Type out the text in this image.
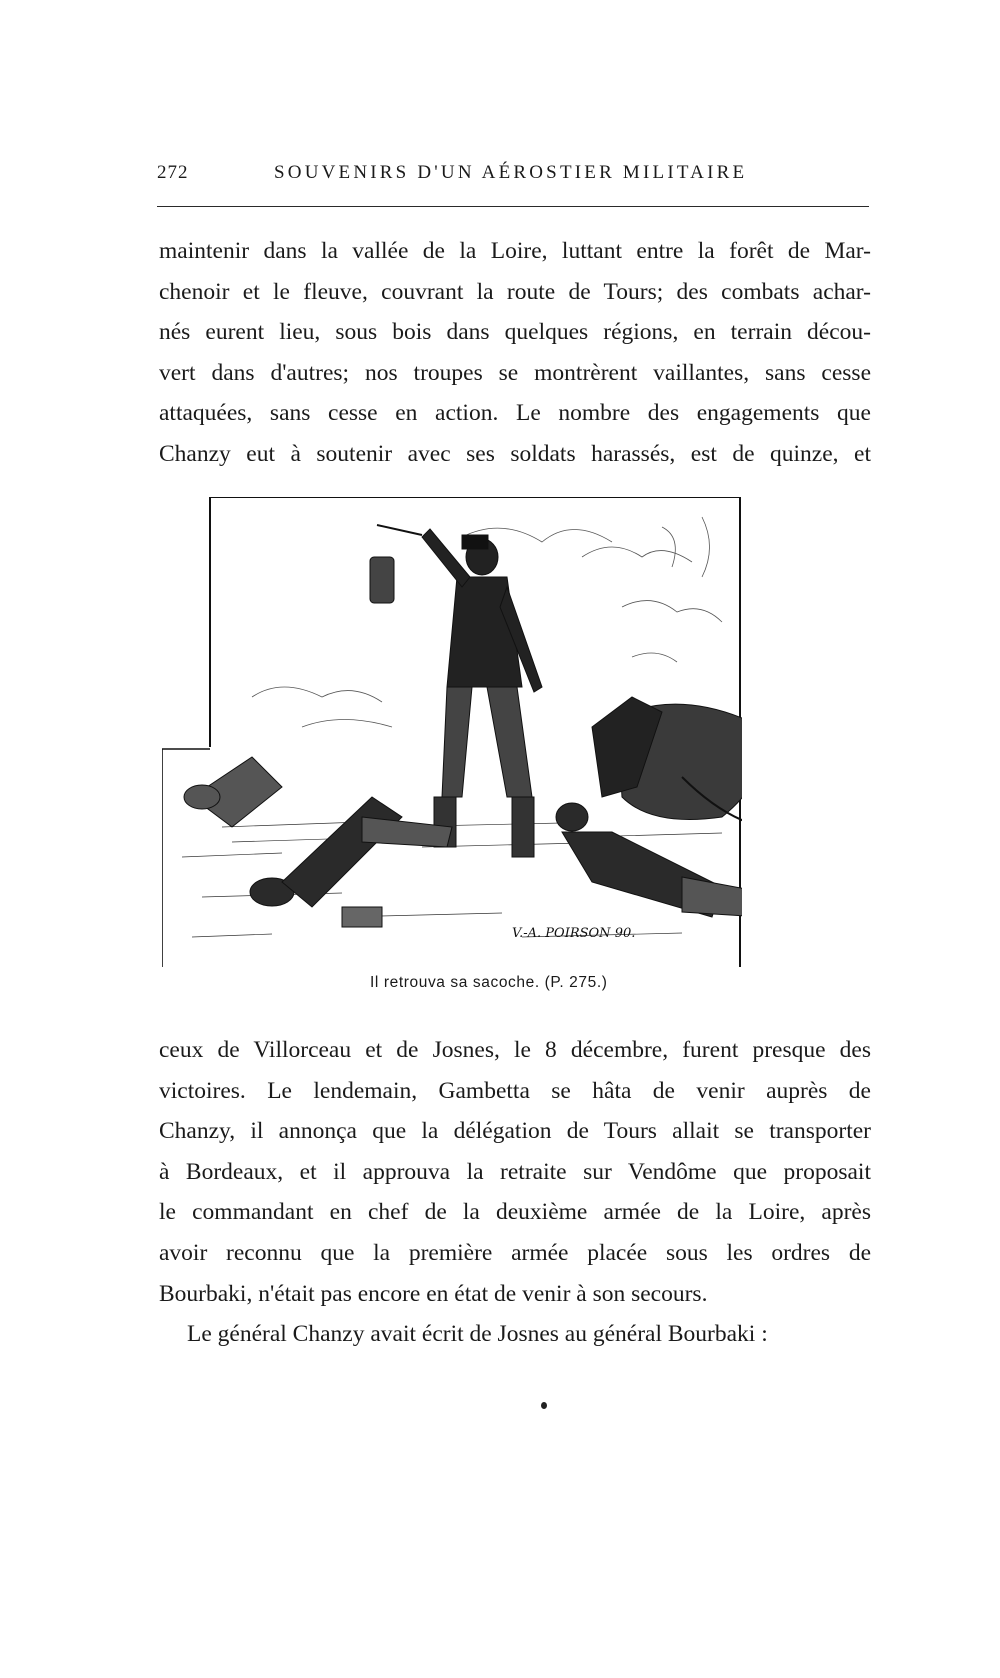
272	SOUVENIRS D'UN AÉROSTIER MILITAIRE
maintenir dans la vallée de la Loire, luttant entre la forêt de Mar-
chenoir et le fleuve, couvrant la route de Tours; des combats achar-
nés eurent lieu, sous bois dans quelques régions, en terrain décou-
vert dans d'autres; nos troupes se montrèrent vaillantes, sans cesse
attaquées, sans cesse en action. Le nombre des engagements que
Chanzy eut à soutenir avec ses soldats harassés, est de quinze, et
V.-A. POIRSON 90.
Il retrouva sa sacoche. (P. 275.)
ceux de Villorceau et de Josnes, le 8 décembre, furent presque des
victoires. Le lendemain, Gambetta se hâta de venir auprès de
Chanzy, il annonça que la délégation de Tours allait se transporter
à Bordeaux, et il approuva la retraite sur Vendôme que proposait
le commandant en chef de la deuxième armée de la Loire, après
avoir reconnu que la première armée placée sous les ordres de
Bourbaki, n'était pas encore en état de venir à son secours.
Le général Chanzy avait écrit de Josnes au général Bourbaki :
